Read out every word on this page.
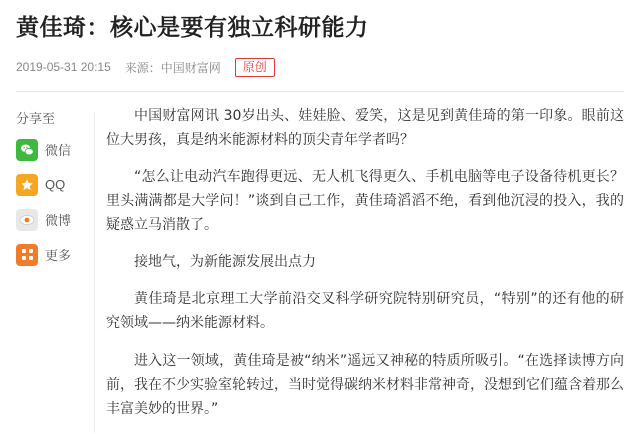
黄佳琦：核心是要有独立科研能力
2019-05-31 20:15 来源：中国财富网	原创
分享至
微信
QQ
微博
更多

中国财富网讯 30岁出头、娃娃脸、爱笑，这是见到黄佳琦的第一印象。眼前这位大男孩，真是纳米能源材料的顶尖青年学者吗？

“怎么让电动汽车跑得更远、无人机飞得更久、手机电脑等电子设备待机更长？里头满满都是大学问！”谈到自己工作，黄佳琦滔滔不绝，看到他沉浸的投入，我的疑惑立马消散了。

接地气，为新能源发展出点力

黄佳琦是北京理工大学前沿交叉科学研究院特别研究员，“特别”的还有他的研究领域——纳米能源材料。

进入这一领域，黄佳琦是被“纳米”遥远又神秘的特质所吸引。“在选择读博方向前，我在不少实验室轮转过，当时觉得碳纳米材料非常神奇，没想到它们蕴含着那么丰富美妙的世界。”
